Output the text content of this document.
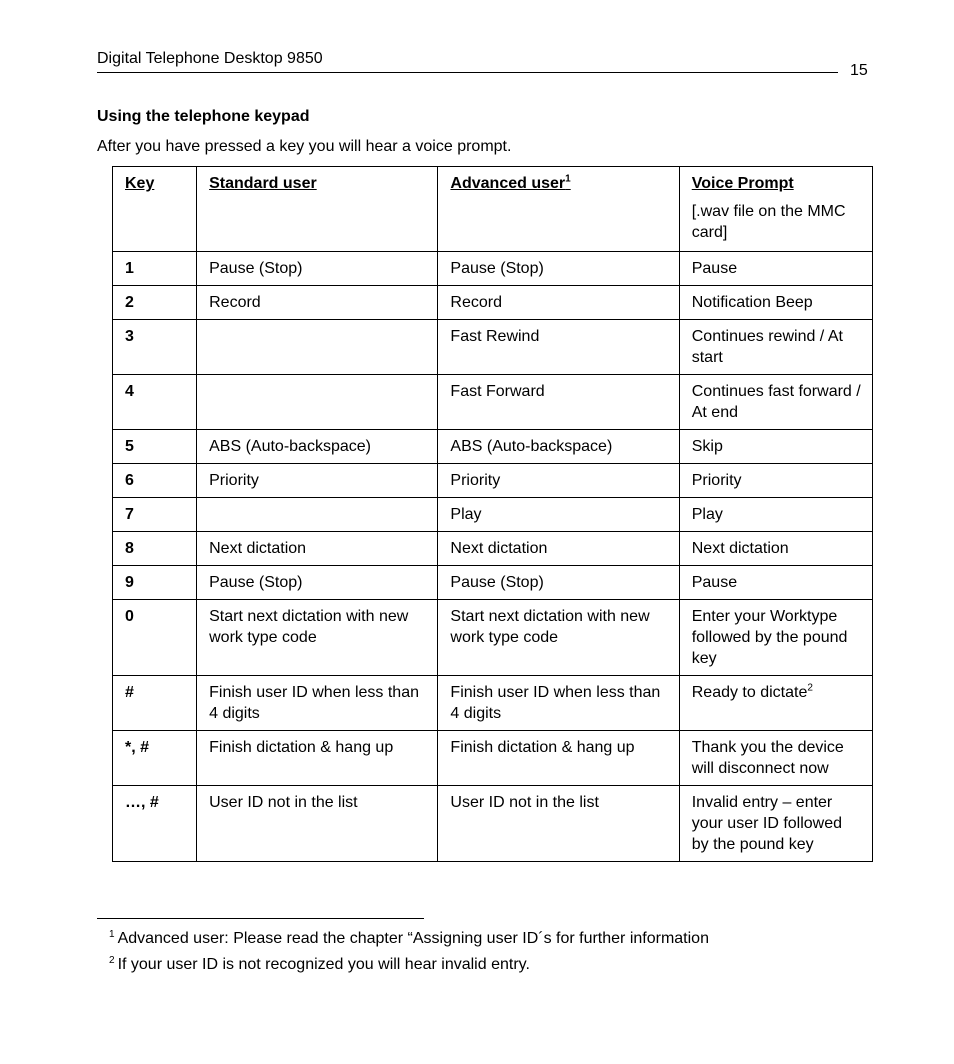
Digital Telephone Desktop 9850
15
Using the telephone keypad
After you have pressed a key you will hear a voice prompt.
Key	Standard user	Advanced user$^1$	Voice Prompt
[.wav file on the MMC card]

1	Pause (Stop)	Pause (Stop)	Pause
2	Record	Record	Notification Beep
3		Fast Rewind	Continues rewind / At start
4		Fast Forward	Continues fast forward / At end
5	ABS (Auto-backspace)	ABS (Auto-backspace)	Skip
6	Priority	Priority	Priority
7		Play	Play
8	Next dictation	Next dictation	Next dictation
9	Pause (Stop)	Pause (Stop)	Pause
0	Start next dictation with new work type code	Start next dictation with new work type code	Enter your Worktype followed by the pound key
#	Finish user ID when less than 4 digits	Finish user ID when less than 4 digits	Ready to dictate$^2$
*, #	Finish dictation & hang up	Finish dictation & hang up	Thank you the device will disconnect now
…, #	User ID not in the list	User ID not in the list	Invalid entry – enter your user ID followed by the pound key
$^1$ Advanced user: Please read the chapter “Assigning user ID´s for further information
$^2$ If your user ID is not recognized you will hear invalid entry.
